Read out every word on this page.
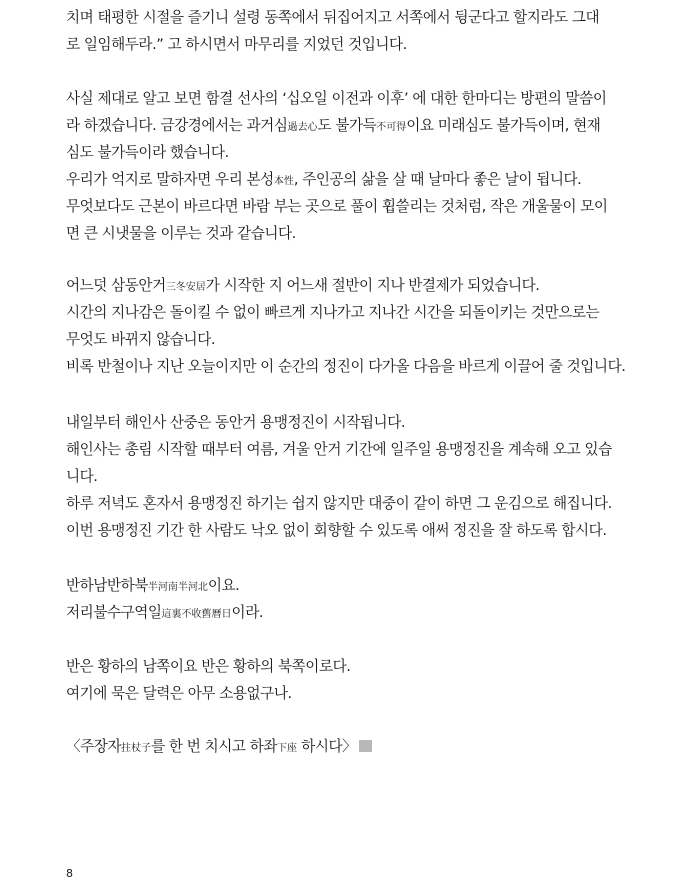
치며 태평한 시절을 즐기니 설령 동쪽에서 뒤집어지고 서쪽에서 뒹군다고 할지라도 그대
로 일임해두라.” 고 하시면서 마무리를 지었던 것입니다.
사실 제대로 알고 보면 함결 선사의 ‘십오일 이전과 이후’ 에 대한 한마디는 방편의 말씀이
라 하겠습니다. 금강경에서는 과거심過去心도 불가득不可得이요 미래심도 불가득이며, 현재
심도 불가득이라 했습니다.
우리가 억지로 말하자면 우리 본성本性, 주인공의 삶을 살 때 날마다 좋은 날이 됩니다.
무엇보다도 근본이 바르다면 바람 부는 곳으로 풀이 휩쓸리는 것처럼, 작은 개울물이 모이
면 큰 시냇물을 이루는 것과 같습니다.
어느덧 삼동안거三冬安居가 시작한 지 어느새 절반이 지나 반결제가 되었습니다.
시간의 지나감은 돌이킬 수 없이 빠르게 지나가고 지나간 시간을 되돌이키는 것만으로는
무엇도 바뀌지 않습니다.
비록 반철이나 지난 오늘이지만 이 순간의 정진이 다가올 다음을 바르게 이끌어 줄 것입니다.
내일부터 해인사 산중은 동안거 용맹정진이 시작됩니다.
해인사는 총림 시작할 때부터 여름, 겨울 안거 기간에 일주일 용맹정진을 계속해 오고 있습
니다.
하루 저녁도 혼자서 용맹정진 하기는 쉽지 않지만 대중이 같이 하면 그 운김으로 해집니다.
이번 용맹정진 기간 한 사람도 낙오 없이 회향할 수 있도록 애써 정진을 잘 하도록 합시다.
반하남반하북半河南半河北이요.
저리불수구역일這裏不收舊曆日이라.
반은 황하의 남쪽이요 반은 황하의 북쪽이로다.
여기에 묵은 달력은 아무 소용없구나.
〈주장자拄杖子를 한 번 치시고 하좌下座 하시다〉
8
